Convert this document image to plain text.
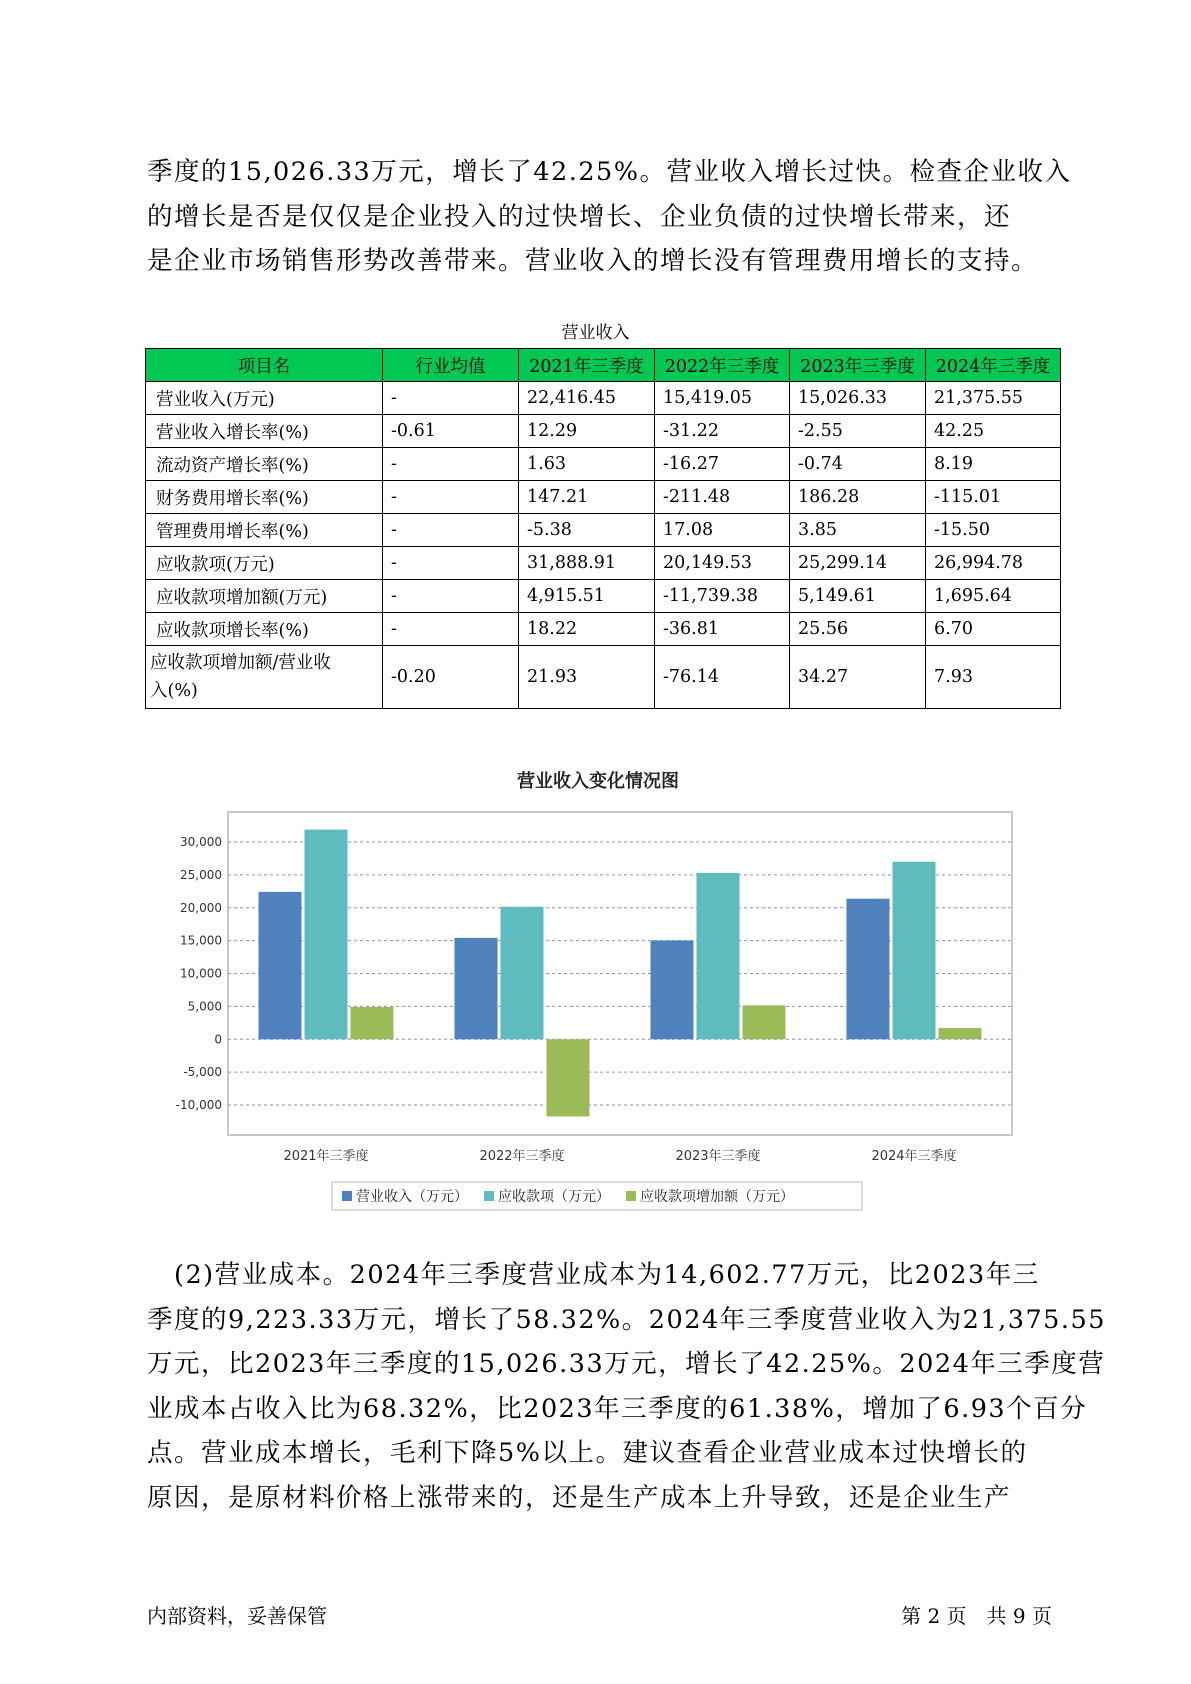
季度的15,026.33万元，增长了42.25%。营业收入增长过快。检查企业收入
的增长是否是仅仅是企业投入的过快增长、企业负债的过快增长带来，还
是企业市场销售形势改善带来。营业收入的增长没有管理费用增长的支持。
营业收入
项目名	行业均值	2021年三季度	2022年三季度	2023年三季度	2024年三季度
营业收入(万元)	-	22,416.45	15,419.05	15,026.33	21,375.55
营业收入增长率(%)	-0.61	12.29	-31.22	-2.55	42.25
流动资产增长率(%)	-	1.63	-16.27	-0.74	8.19
财务费用增长率(%)	-	147.21	-211.48	186.28	-115.01
管理费用增长率(%)	-	-5.38	17.08	3.85	-15.50
应收款项(万元)	-	31,888.91	20,149.53	25,299.14	26,994.78
应收款项增加额(万元)	-	4,915.51	-11,739.38	5,149.61	1,695.64
应收款项增长率(%)	-	18.22	-36.81	25.56	6.70
应收款项增加额/营业收
入(%)	-0.20	21.93	-76.14	34.27	7.93
营业收入变化情况图
30,000
25,000
20,000
15,000
10,000
5,000
0
-5,000
-10,000
2021年三季度	2022年三季度	2023年三季度	2024年三季度
营业收入（万元） 应收款项（万元） 应收款项增加额（万元）
　(2)营业成本。2024年三季度营业成本为14,602.77万元，比2023年三
季度的9,223.33万元，增长了58.32%。2024年三季度营业收入为21,375.55
万元，比2023年三季度的15,026.33万元，增长了42.25%。2024年三季度营
业成本占收入比为68.32%，比2023年三季度的61.38%，增加了6.93个百分
点。营业成本增长，毛利下降5%以上。建议查看企业营业成本过快增长的
原因，是原材料价格上涨带来的，还是生产成本上升导致，还是企业生产
内部资料，妥善保管	第 2 页　共 9 页
